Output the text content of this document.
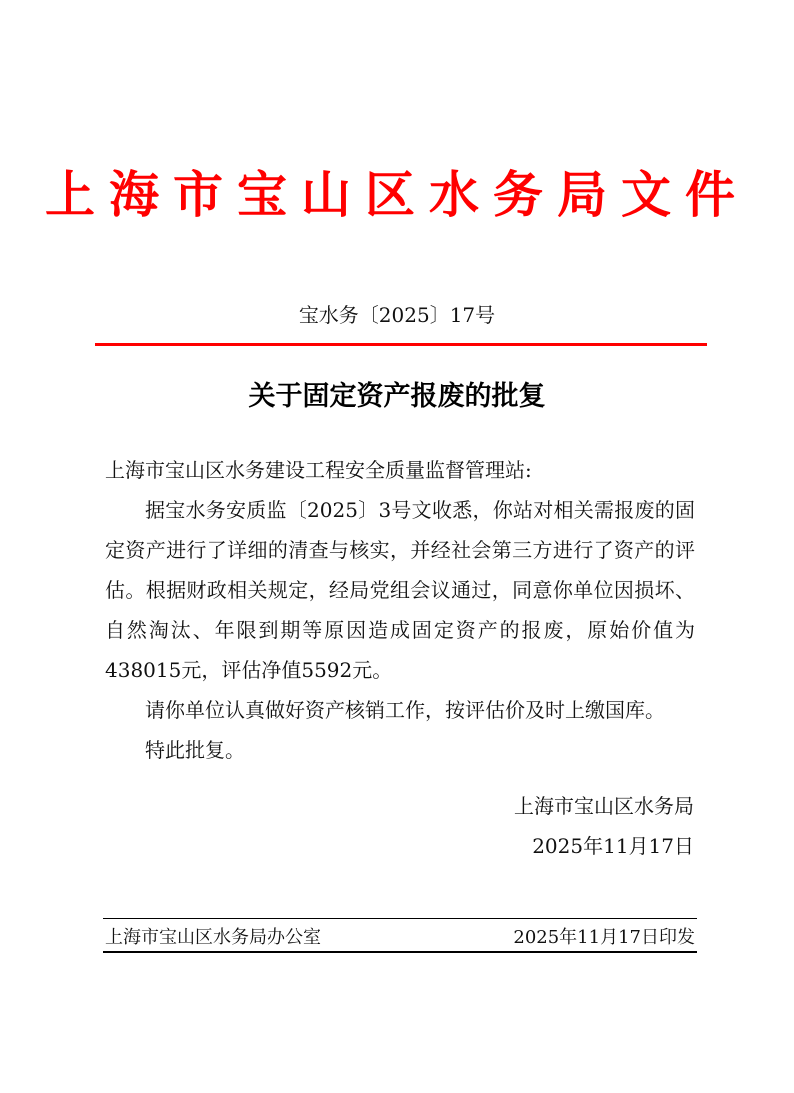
上海市宝山区水务局文件
宝水务〔2025〕17号
关于固定资产报废的批复

上海市宝山区水务建设工程安全质量监督管理站:

据宝水务安质监〔2025〕3号文收悉，你站对相关需报废的固定资产进行了详细的清查与核实，并经社会第三方进行了资产的评估。根据财政相关规定，经局党组会议通过，同意你单位因损坏、自然淘汰、年限到期等原因造成固定资产的报废，原始价值为438015元，评估净值5592元。

请你单位认真做好资产核销工作，按评估价及时上缴国库。

特此批复。

上海市宝山区水务局
2025年11月17日
上海市宝山区水务局办公室	2025年11月17日印发
